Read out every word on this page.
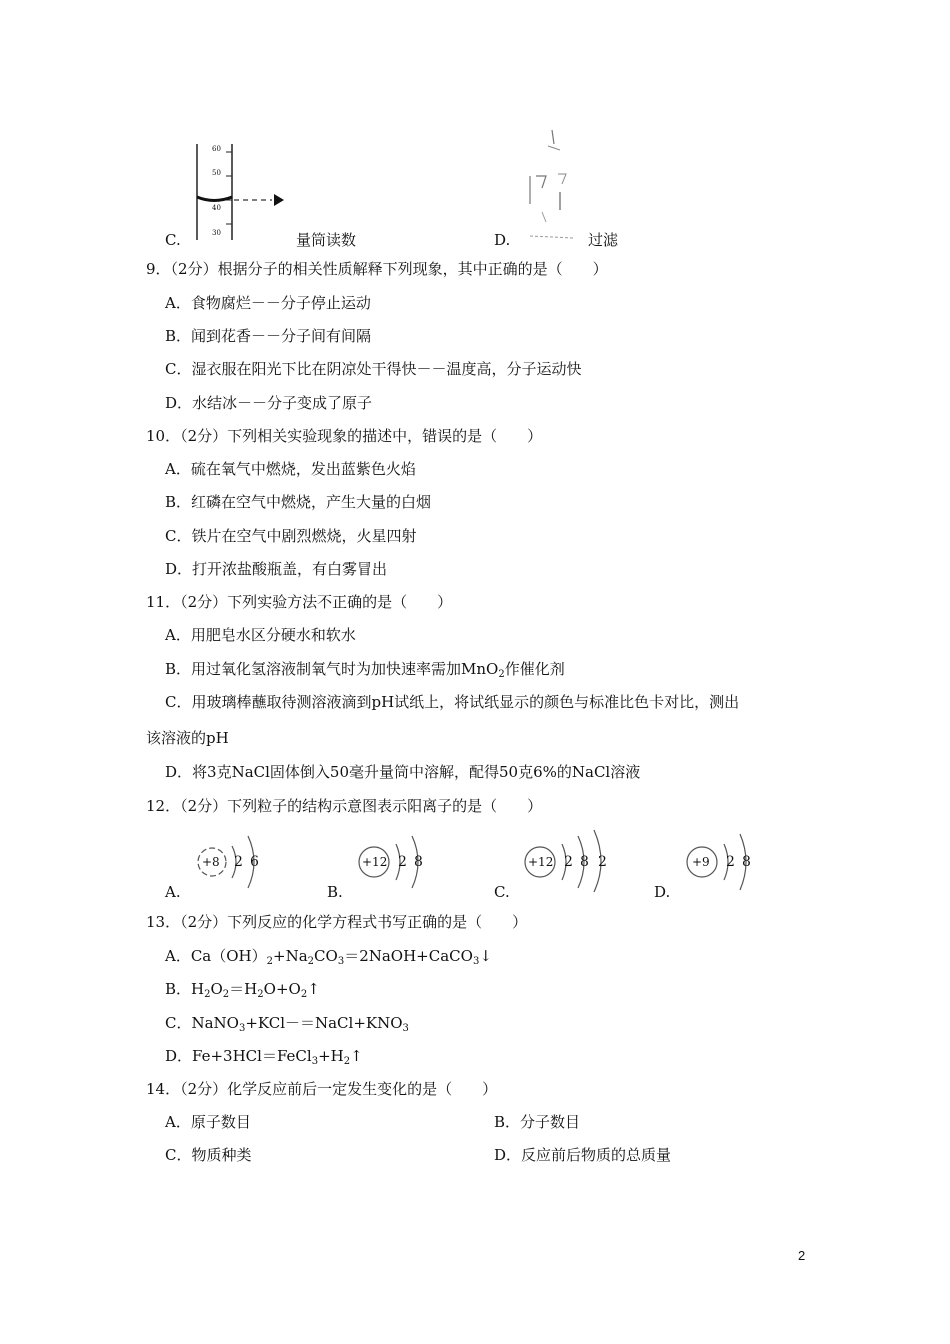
60
50
40
30
C.	量筒读数	D.	过滤
9．（2分）根据分子的相关性质解释下列现象，其中正确的是（　　）
A．食物腐烂－－分子停止运动
B．闻到花香－－分子间有间隔
C．湿衣服在阳光下比在阴凉处干得快－－温度高，分子运动快
D．水结冰－－分子变成了原子
10．（2分）下列相关实验现象的描述中，错误的是（　　）
A．硫在氧气中燃烧，发出蓝紫色火焰
B．红磷在空气中燃烧，产生大量的白烟
C．铁片在空气中剧烈燃烧，火星四射
D．打开浓盐酸瓶盖，有白雾冒出
11．（2分）下列实验方法不正确的是（　　）
A．用肥皂水区分硬水和软水
B．用过氧化氢溶液制氧气时为加快速率需加MnO$_2$作催化剂
C．用玻璃棒蘸取待测溶液滴到pH试纸上，将试纸显示的颜色与标准比色卡对比，测出
该溶液的pH
D．将3克NaCl固体倒入50毫升量筒中溶解，配得50克6%的NaCl溶液
12．（2分）下列粒子的结构示意图表示阳离子的是（　　）
+8 2 6
A.
+12 2 8
B.
+12 2 8 2
C.
+9 2 8
D.
13．（2分）下列反应的化学方程式书写正确的是（　　）
A．$Ca(OH)_2+Na_2CO_3=2NaOH+CaCO_3↓$
B．$H_2O_2=H_2O+O_2↑$
C．$NaNO_3+KCl-=NaCl+KNO_3$
D．$Fe+3HCl=FeCl_3+H_2↑$
14．（2分）化学反应前后一定发生变化的是（　　）
A．原子数目	B．分子数目
C．物质种类	D．反应前后物质的总质量
2
